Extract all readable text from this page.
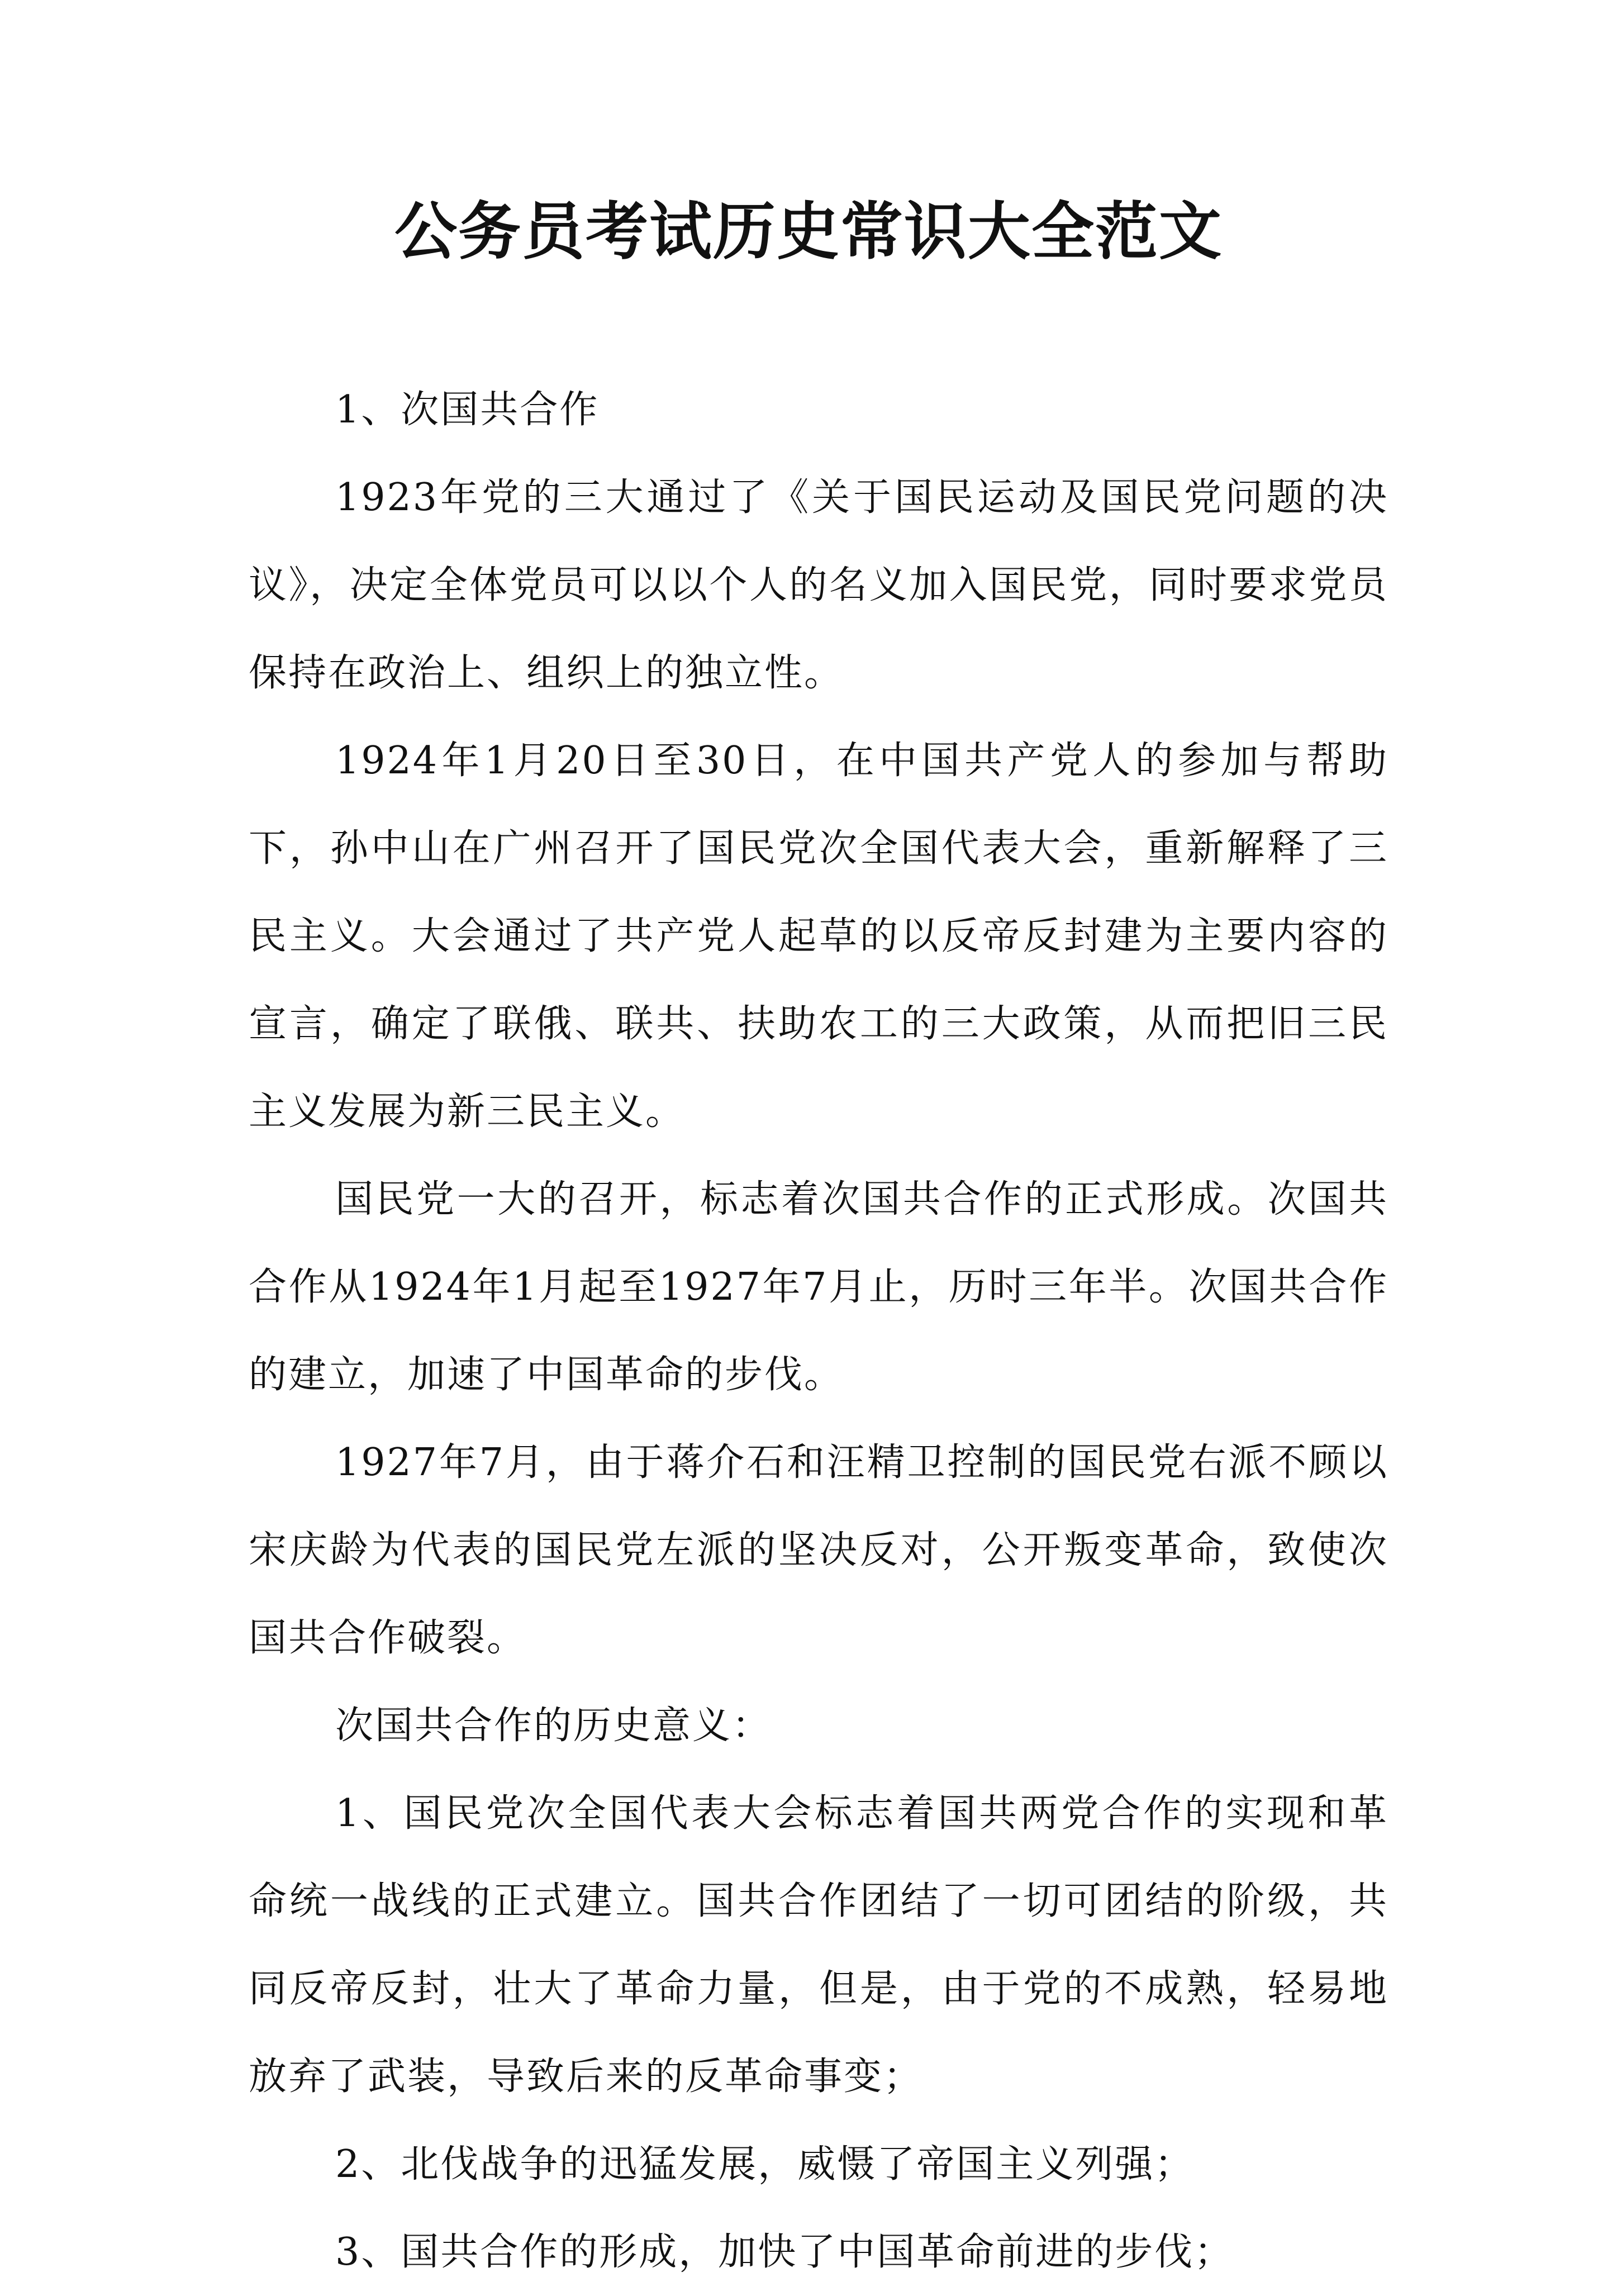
公务员考试历史常识大全范文

1、次国共合作

1923年党的三大通过了《关于国民运动及国民党问题的决议》，决定全体党员可以以个人的名义加入国民党，同时要求党员保持在政治上、组织上的独立性。

1924年1月20日至30日，在中国共产党人的参加与帮助下，孙中山在广州召开了国民党次全国代表大会，重新解释了三民主义。大会通过了共产党人起草的以反帝反封建为主要内容的宣言，确定了联俄、联共、扶助农工的三大政策，从而把旧三民主义发展为新三民主义。

国民党一大的召开，标志着次国共合作的正式形成。次国共合作从1924年1月起至1927年7月止，历时三年半。次国共合作的建立，加速了中国革命的步伐。

1927年7月，由于蒋介石和汪精卫控制的国民党右派不顾以宋庆龄为代表的国民党左派的坚决反对，公开叛变革命，致使次国共合作破裂。

次国共合作的历史意义：

1、国民党次全国代表大会标志着国共两党合作的实现和革命统一战线的正式建立。国共合作团结了一切可团结的阶级，共同反帝反封，壮大了革命力量，但是，由于党的不成熟，轻易地放弃了武装，导致后来的反革命事变；

2、北伐战争的迅猛发展，威慑了帝国主义列强；

3、国共合作的形成，加快了中国革命前进的步伐；
